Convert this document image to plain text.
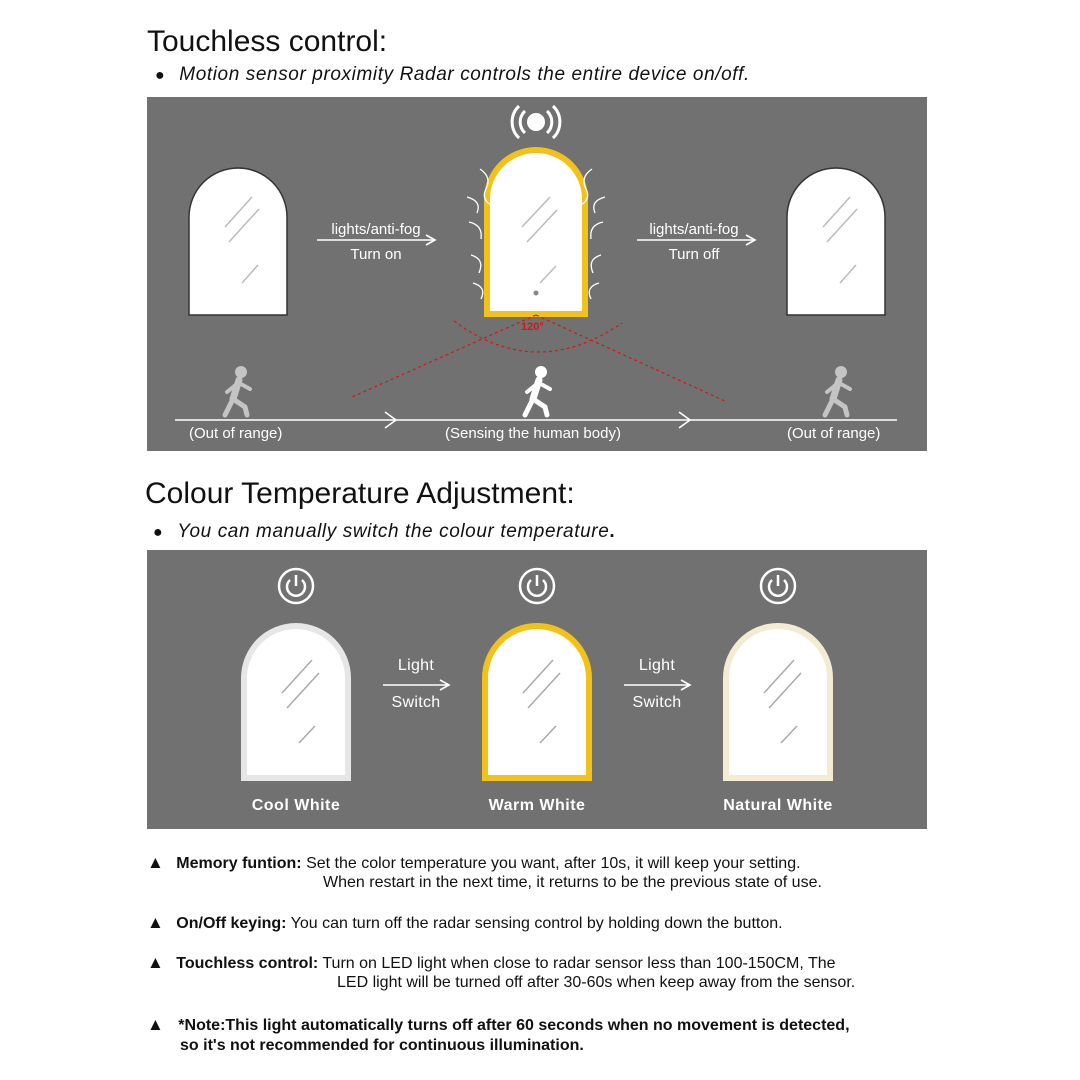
Touchless control:
● Motion sensor proximity Radar controls the entire device on/off.
lights/anti-fog
Turn on
lights/anti-fog
Turn off
120°
(Out of range)	(Sensing the human body)	(Out of range)
Colour Temperature Adjustment:
● You can manually switch the colour temperature.
Light
Switch
Light
Switch
Cool White	Warm White	Natural White
▲ Memory funtion: Set the color temperature you want, after 10s, it will keep your setting.
When restart in the next time, it returns to be the previous state of use.
▲ On/Off keying: You can turn off the radar sensing control by holding down the button.
▲ Touchless control: Turn on LED light when close to radar sensor less than 100-150CM, The
LED light will be turned off after 30-60s when keep away from the sensor.
▲ *Note:This light automatically turns off after 60 seconds when no movement is detected,
so it's not recommended for continuous illumination.
